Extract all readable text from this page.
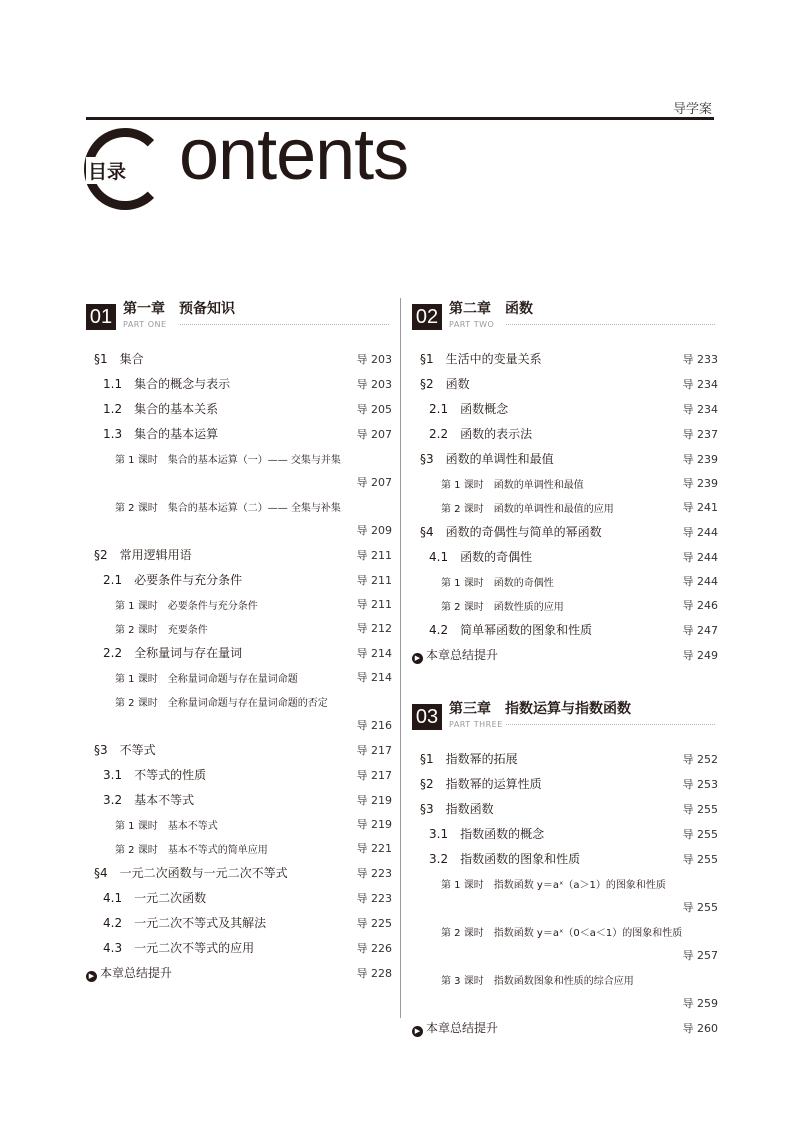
导学案
目录 ontents
01 第一章　预备知识
PART ONE
§1　集合	导 203
1.1　集合的概念与表示	导 203
1.2　集合的基本关系	导 205
1.3　集合的基本运算	导 207
第 1 课时　集合的基本运算（一）—— 交集与并集
导 207
第 2 课时　集合的基本运算（二）—— 全集与补集
导 209
§2　常用逻辑用语	导 211
2.1　必要条件与充分条件	导 211
第 1 课时　必要条件与充分条件	导 211
第 2 课时　充要条件	导 212
2.2　全称量词与存在量词	导 214
第 1 课时　全称量词命题与存在量词命题	导 214
第 2 课时　全称量词命题与存在量词命题的否定
导 216
§3　不等式	导 217
3.1　不等式的性质	导 217
3.2　基本不等式	导 219
第 1 课时　基本不等式	导 219
第 2 课时　基本不等式的简单应用	导 221
§4　一元二次函数与一元二次不等式	导 223
4.1　一元二次函数	导 223
4.2　一元二次不等式及其解法	导 225
4.3　一元二次不等式的应用	导 226
▶ 本章总结提升	导 228
02 第二章　函数
PART TWO
§1　生活中的变量关系	导 233
§2　函数	导 234
2.1　函数概念	导 234
2.2　函数的表示法	导 237
§3　函数的单调性和最值	导 239
第 1 课时　函数的单调性和最值	导 239
第 2 课时　函数的单调性和最值的应用	导 241
§4　函数的奇偶性与简单的幂函数	导 244
4.1　函数的奇偶性	导 244
第 1 课时　函数的奇偶性	导 244
第 2 课时　函数性质的应用	导 246
4.2　简单幂函数的图象和性质	导 247
▶ 本章总结提升	导 249
03 第三章　指数运算与指数函数
PART THREE
§1　指数幂的拓展	导 252
§2　指数幂的运算性质	导 253
§3　指数函数	导 255
3.1　指数函数的概念	导 255
3.2　指数函数的图象和性质	导 255
第 1 课时　指数函数 y＝aˣ（a＞1）的图象和性质
导 255
第 2 课时　指数函数 y＝aˣ（0＜a＜1）的图象和性质
导 257
第 3 课时　指数函数图象和性质的综合应用
导 259
▶ 本章总结提升	导 260
